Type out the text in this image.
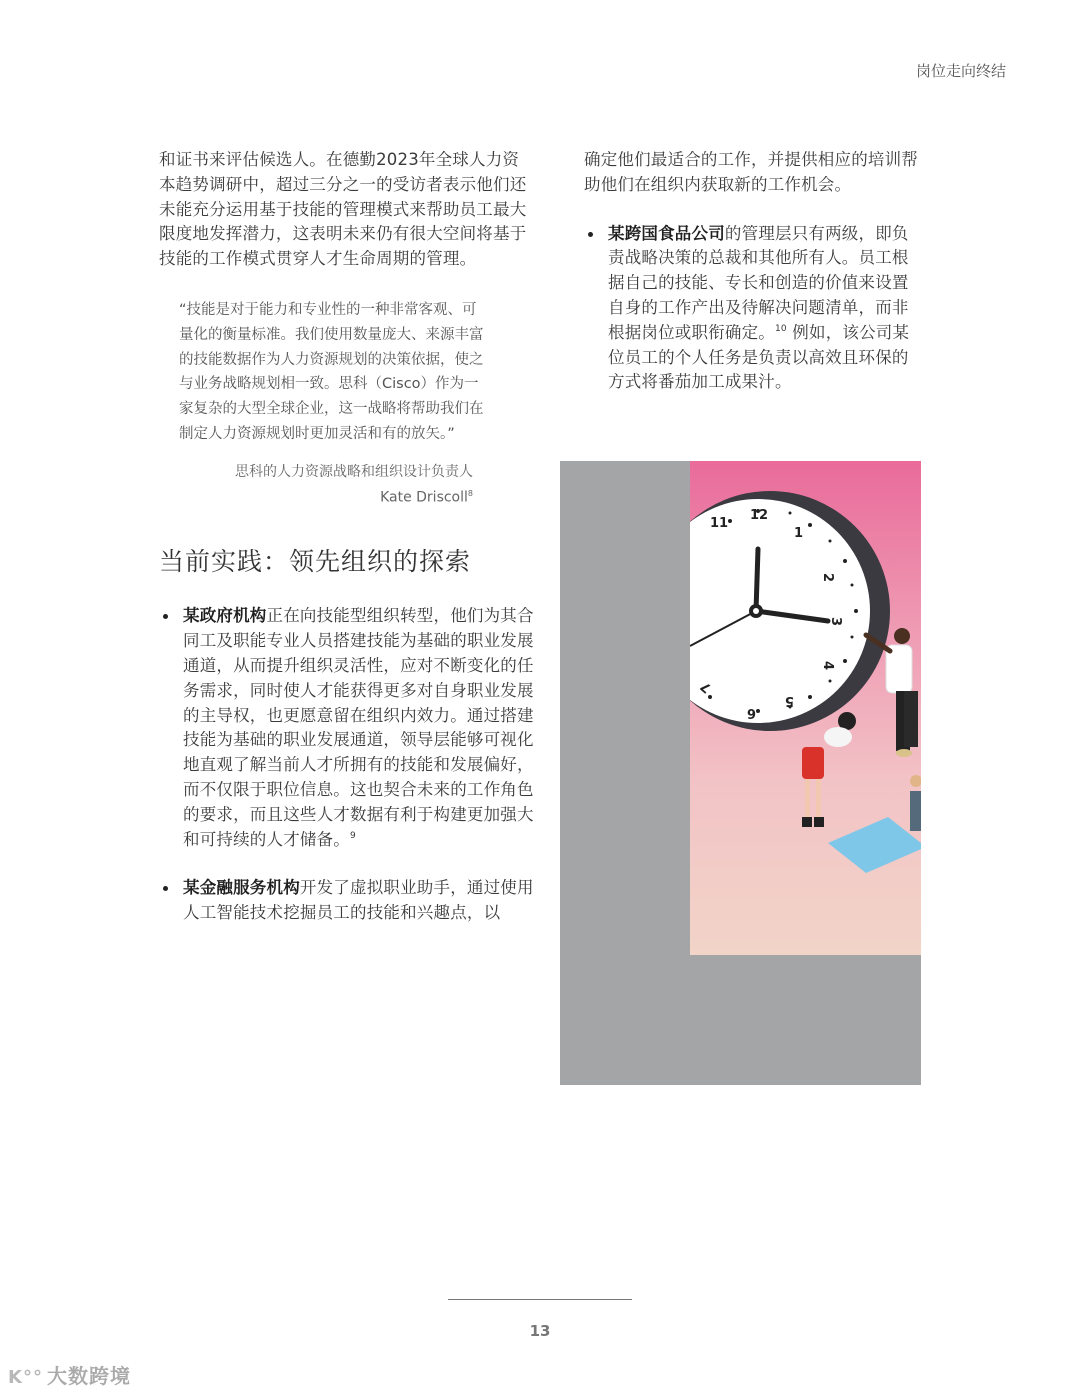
岗位走向终结

和证书来评估候选人。在德勤2023年全球人力资本趋势调研中，超过三分之一的受访者表示他们还未能充分运用基于技能的管理模式来帮助员工最大限度地发挥潜力，这表明未来仍有很大空间将基于技能的工作模式贯穿人才生命周期的管理。

“技能是对于能力和专业性的一种非常客观、可量化的衡量标准。我们使用数量庞大、来源丰富的技能数据作为人力资源规划的决策依据，使之与业务战略规划相一致。思科（Cisco）作为一家复杂的大型全球企业，这一战略将帮助我们在制定人力资源规划时更加灵活和有的放矢。”
思科的人力资源战略和组织设计负责人
Kate Driscoll$^8$
当前实践：领先组织的探索
某政府机构正在向技能型组织转型，他们为其合同工及职能专业人员搭建技能为基础的职业发展通道，从而提升组织灵活性，应对不断变化的任务需求，同时使人才能获得更多对自身职业发展的主导权，也更愿意留在组织内效力。通过搭建技能为基础的职业发展通道，领导层能够可视化地直观了解当前人才所拥有的技能和发展偏好，而不仅限于职位信息。这也契合未来的工作角色的要求，而且这些人才数据有利于构建更加强大和可持续的人才储备。$^9$
某金融服务机构开发了虚拟职业助手，通过使用人工智能技术挖掘员工的技能和兴趣点，以

确定他们最适合的工作，并提供相应的培训帮助他们在组织内获取新的工作机会。

某跨国食品公司的管理层只有两级，即负责战略决策的总裁和其他所有人。员工根据自己的技能、专长和创造的价值来设置自身的工作产出及待解决问题清单，而非根据岗位或职衔确定。$^{10}$ 例如，该公司某位员工的个人任务是负责以高效且环保的方式将番茄加工成果汁。
11
12
1
2
3
4
5
6
7
13
K°° 大数跨境
